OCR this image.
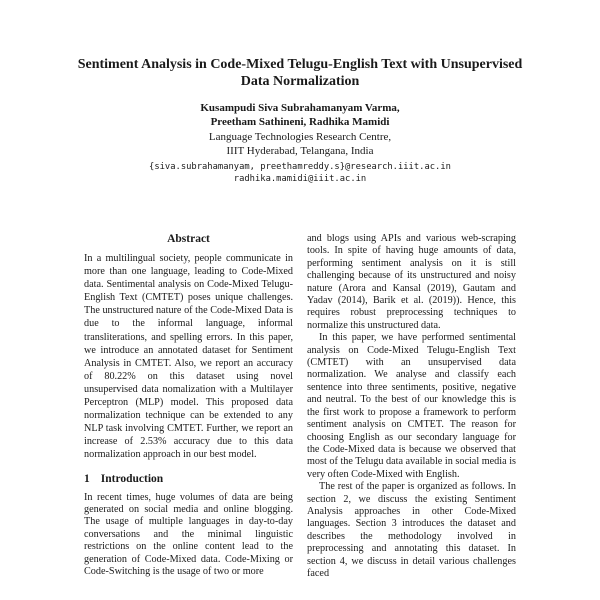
Sentiment Analysis in Code-Mixed Telugu-English Text with Unsupervised Data Normalization
Kusampudi Siva Subrahamanyam Varma,
Preetham Sathineni, Radhika Mamidi
Language Technologies Research Centre,
IIIT Hyderabad, Telangana, India
{siva.subrahamanyam, preethamreddy.s}@research.iiit.ac.in
radhika.mamidi@iiit.ac.in
Abstract

In a multilingual society, people communicate in more than one language, leading to Code-Mixed data. Sentimental analysis on Code-Mixed Telugu-English Text (CMTET) poses unique challenges. The unstructured nature of the Code-Mixed Data is due to the informal language, informal transliterations, and spelling errors. In this paper, we introduce an annotated dataset for Sentiment Analysis in CMTET. Also, we report an accuracy of 80.22% on this dataset using novel unsupervised data nomalization with a Multilayer Perceptron (MLP) model. This proposed data normalization technique can be extended to any NLP task involving CMTET. Further, we report an increase of 2.53% accuracy due to this data normalization approach in our best model.

1 Introduction

In recent times, huge volumes of data are being generated on social media and online blogging. The usage of multiple languages in day-to-day conversations and the minimal linguistic restrictions on the online content lead to the generation of Code-Mixed data. Code-Mixing or Code-Switching is the usage of two or more

and blogs using APIs and various web-scraping tools. In spite of having huge amounts of data, performing sentiment analysis on it is still challenging because of its unstructured and noisy nature (Arora and Kansal (2019), Gautam and Yadav (2014), Barik et al. (2019)). Hence, this requires robust preprocessing techniques to normalize this unstructured data.

In this paper, we have performed sentimental analysis on Code-Mixed Telugu-English Text (CMTET) with an unsupervised data normalization. We analyse and classify each sentence into three sentiments, positive, negative and neutral. To the best of our knowledge this is the first work to propose a framework to perform sentiment analysis on CMTET. The reason for choosing English as our secondary language for the Code-Mixed data is because we observed that most of the Telugu data available in social media is very often Code-Mixed with English.

The rest of the paper is organized as follows. In section 2, we discuss the existing Sentiment Analysis approaches in other Code-Mixed languages. Section 3 introduces the dataset and describes the methodology involved in preprocessing and annotating this dataset. In section 4, we discuss in detail various challenges faced
